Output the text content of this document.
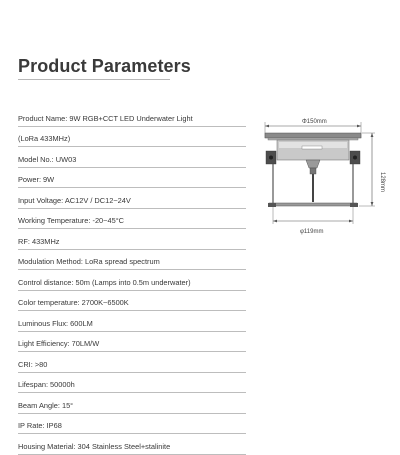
Product Parameters
Product Name: 9W RGB+CCT LED Underwater Light
(LoRa 433MHz)
Model No.: UW03
Power: 9W
Input Voltage: AC12V / DC12~24V
Working Temperature: -20~45°C
RF: 433MHz
Modulation Method: LoRa spread spectrum
Control distance: 50m (Lamps into 0.5m underwater)
Color temperature: 2700K~6500K
Luminous Flux: 600LM
Light Efficiency: 70LM/W
CRI: >80
Lifespan: 50000h
Beam Angle: 15°
IP Rate: IP68
Housing Material: 304 Stainless Steel+stalinite
Φ150mm
128mm
φ119mm
